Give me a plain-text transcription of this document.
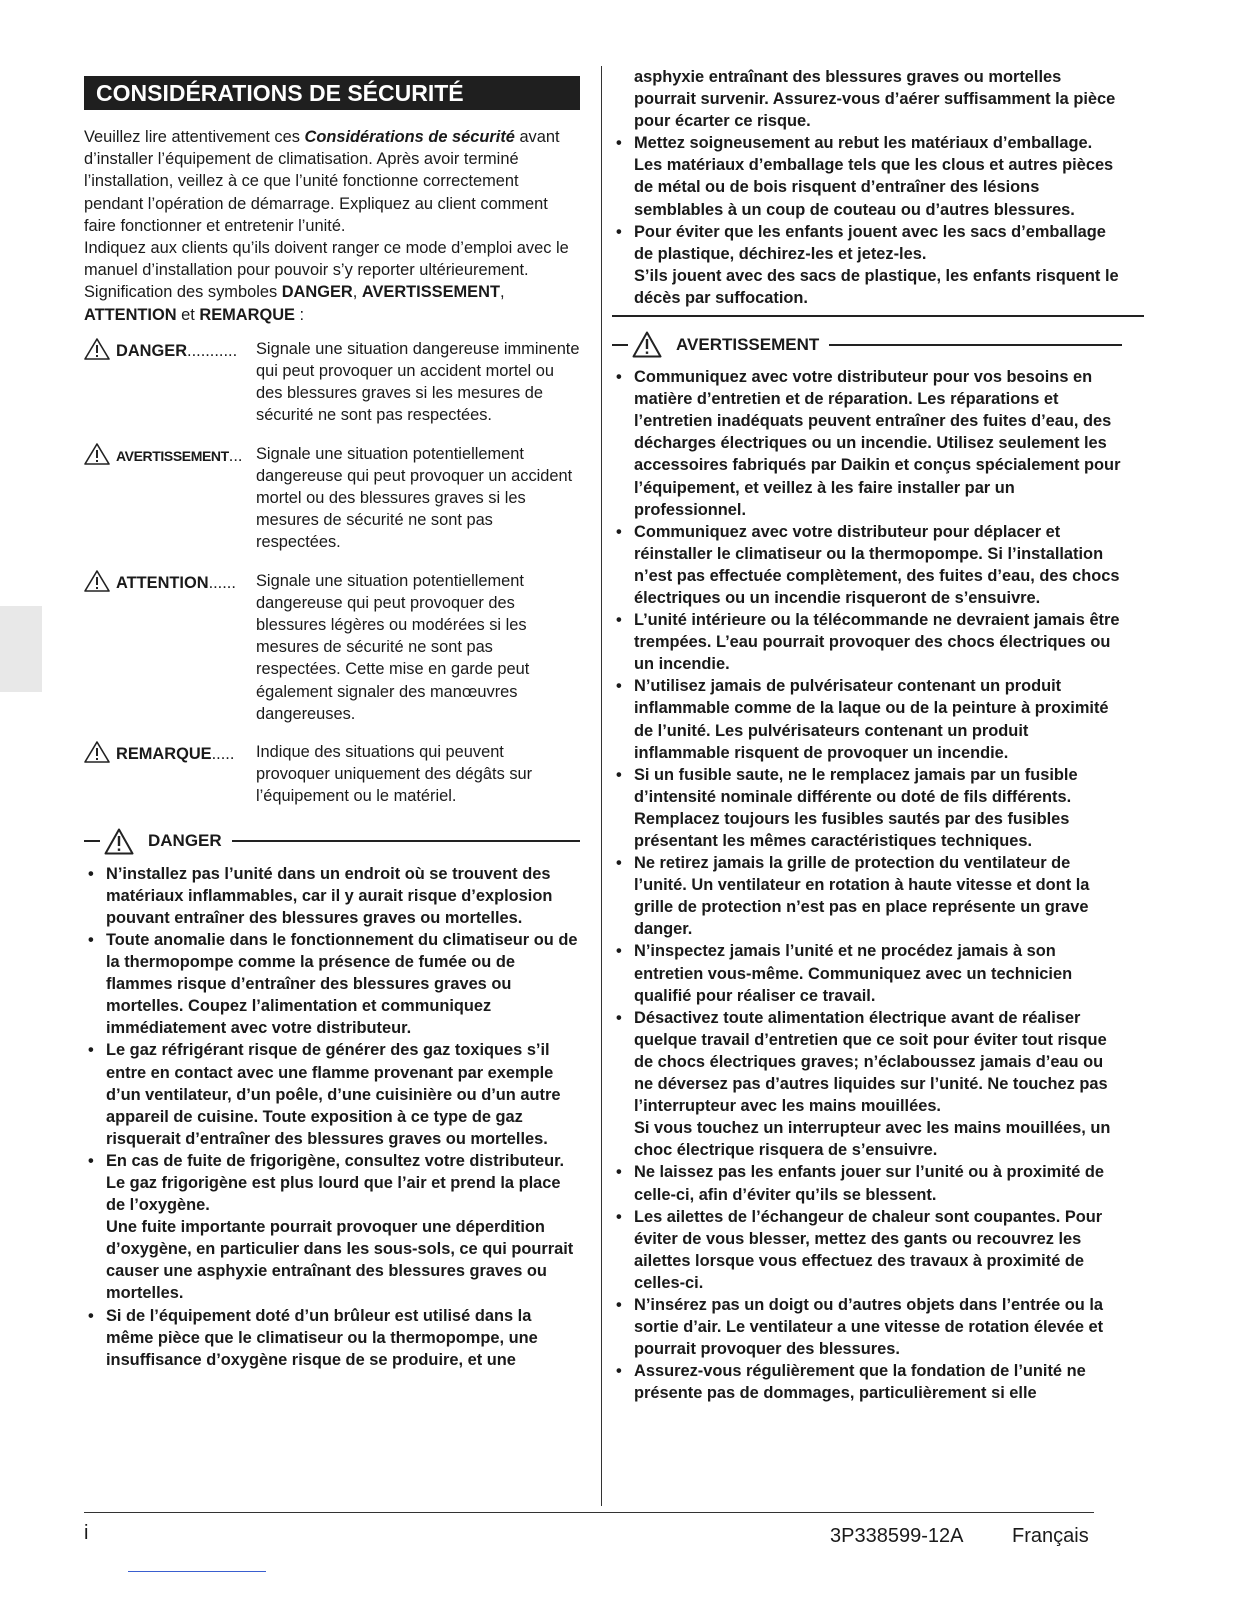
CONSIDÉRATIONS DE SÉCURITÉ

Veuillez lire attentivement ces Considérations de sécurité avant d’installer l’équipement de climatisation. Après avoir terminé l’installation, veillez à ce que l’unité fonctionne correctement pendant l’opération de démarrage. Expliquez au client comment faire fonctionner et entretenir l’unité.

Indiquez aux clients qu’ils doivent ranger ce mode d’emploi avec le manuel d’installation pour pouvoir s’y reporter ultérieurement.

Signification des symboles DANGER, AVERTISSEMENT, ATTENTION et REMARQUE :

DANGER...........	Signale une situation dangereuse imminente qui peut provoquer un accident mortel ou des blessures graves si les mesures de sécurité ne sont pas respectées.
AVERTISSEMENT... Signale une situation potentiellement dangereuse qui peut provoquer un accident mortel ou des blessures graves si les mesures de sécurité ne sont pas respectées.
ATTENTION......	Signale une situation potentiellement dangereuse qui peut provoquer des blessures légères ou modérées si les mesures de sécurité ne sont pas respectées. Cette mise en garde peut également signaler des manœuvres dangereuses.
REMARQUE.....	Indique des situations qui peuvent provoquer uniquement des dégâts sur l’équipement ou le matériel.
DANGER
• N’installez pas l’unité dans un endroit où se trouvent des matériaux inflammables, car il y aurait risque d’explosion pouvant entraîner des blessures graves ou mortelles.
• Toute anomalie dans le fonctionnement du climatiseur ou de la thermopompe comme la présence de fumée ou de flammes risque d’entraîner des blessures graves ou mortelles. Coupez l’alimentation et communiquez immédiatement avec votre distributeur.
• Le gaz réfrigérant risque de générer des gaz toxiques s’il entre en contact avec une flamme provenant par exemple d’un ventilateur, d’un poêle, d’une cuisinière ou d’un autre appareil de cuisine. Toute exposition à ce type de gaz risquerait d’entraîner des blessures graves ou mortelles.
• En cas de fuite de frigorigène, consultez votre distributeur.
Le gaz frigorigène est plus lourd que l’air et prend la place de l’oxygène.
Une fuite importante pourrait provoquer une déperdition d’oxygène, en particulier dans les sous-sols, ce qui pourrait causer une asphyxie entraînant des blessures graves ou mortelles.
• Si de l’équipement doté d’un brûleur est utilisé dans la même pièce que le climatiseur ou la thermopompe, une insuffisance d’oxygène risque de se produire, et une
asphyxie entraînant des blessures graves ou mortelles pourrait survenir. Assurez-vous d’aérer suffisamment la pièce pour écarter ce risque.
• Mettez soigneusement au rebut les matériaux d’emballage. Les matériaux d’emballage tels que les clous et autres pièces de métal ou de bois risquent d’entraîner des lésions semblables à un coup de couteau ou d’autres blessures.
• Pour éviter que les enfants jouent avec les sacs d’emballage de plastique, déchirez-les et jetez-les.
S’ils jouent avec des sacs de plastique, les enfants risquent le décès par suffocation.
AVERTISSEMENT
• Communiquez avec votre distributeur pour vos besoins en matière d’entretien et de réparation. Les réparations et l’entretien inadéquats peuvent entraîner des fuites d’eau, des décharges électriques ou un incendie. Utilisez seulement les accessoires fabriqués par Daikin et conçus spécialement pour l’équipement, et veillez à les faire installer par un professionnel.
• Communiquez avec votre distributeur pour déplacer et réinstaller le climatiseur ou la thermopompe. Si l’installation n’est pas effectuée complètement, des fuites d’eau, des chocs électriques ou un incendie risqueront de s’ensuivre.
• L’unité intérieure ou la télécommande ne devraient jamais être trempées. L’eau pourrait provoquer des chocs électriques ou un incendie.
• N’utilisez jamais de pulvérisateur contenant un produit inflammable comme de la laque ou de la peinture à proximité de l’unité. Les pulvérisateurs contenant un produit inflammable risquent de provoquer un incendie.
• Si un fusible saute, ne le remplacez jamais par un fusible d’intensité nominale différente ou doté de fils différents. Remplacez toujours les fusibles sautés par des fusibles présentant les mêmes caractéristiques techniques.
• Ne retirez jamais la grille de protection du ventilateur de l’unité. Un ventilateur en rotation à haute vitesse et dont la grille de protection n’est pas en place représente un grave danger.
• N’inspectez jamais l’unité et ne procédez jamais à son entretien vous-même. Communiquez avec un technicien qualifié pour réaliser ce travail.
• Désactivez toute alimentation électrique avant de réaliser quelque travail d’entretien que ce soit pour éviter tout risque de chocs électriques graves; n’éclaboussez jamais d’eau ou ne déversez pas d’autres liquides sur l’unité. Ne touchez pas l’interrupteur avec les mains mouillées.
Si vous touchez un interrupteur avec les mains mouillées, un choc électrique risquera de s’ensuivre.
• Ne laissez pas les enfants jouer sur l’unité ou à proximité de celle-ci, afin d’éviter qu’ils se blessent.
• Les ailettes de l’échangeur de chaleur sont coupantes. Pour éviter de vous blesser, mettez des gants ou recouvrez les ailettes lorsque vous effectuez des travaux à proximité de celles-ci.
• N’insérez pas un doigt ou d’autres objets dans l’entrée ou la sortie d’air. Le ventilateur a une vitesse de rotation élevée et pourrait provoquer des blessures.
• Assurez-vous régulièrement que la fondation de l’unité ne présente pas de dommages, particulièrement si elle
i	3P338599-12A Français
